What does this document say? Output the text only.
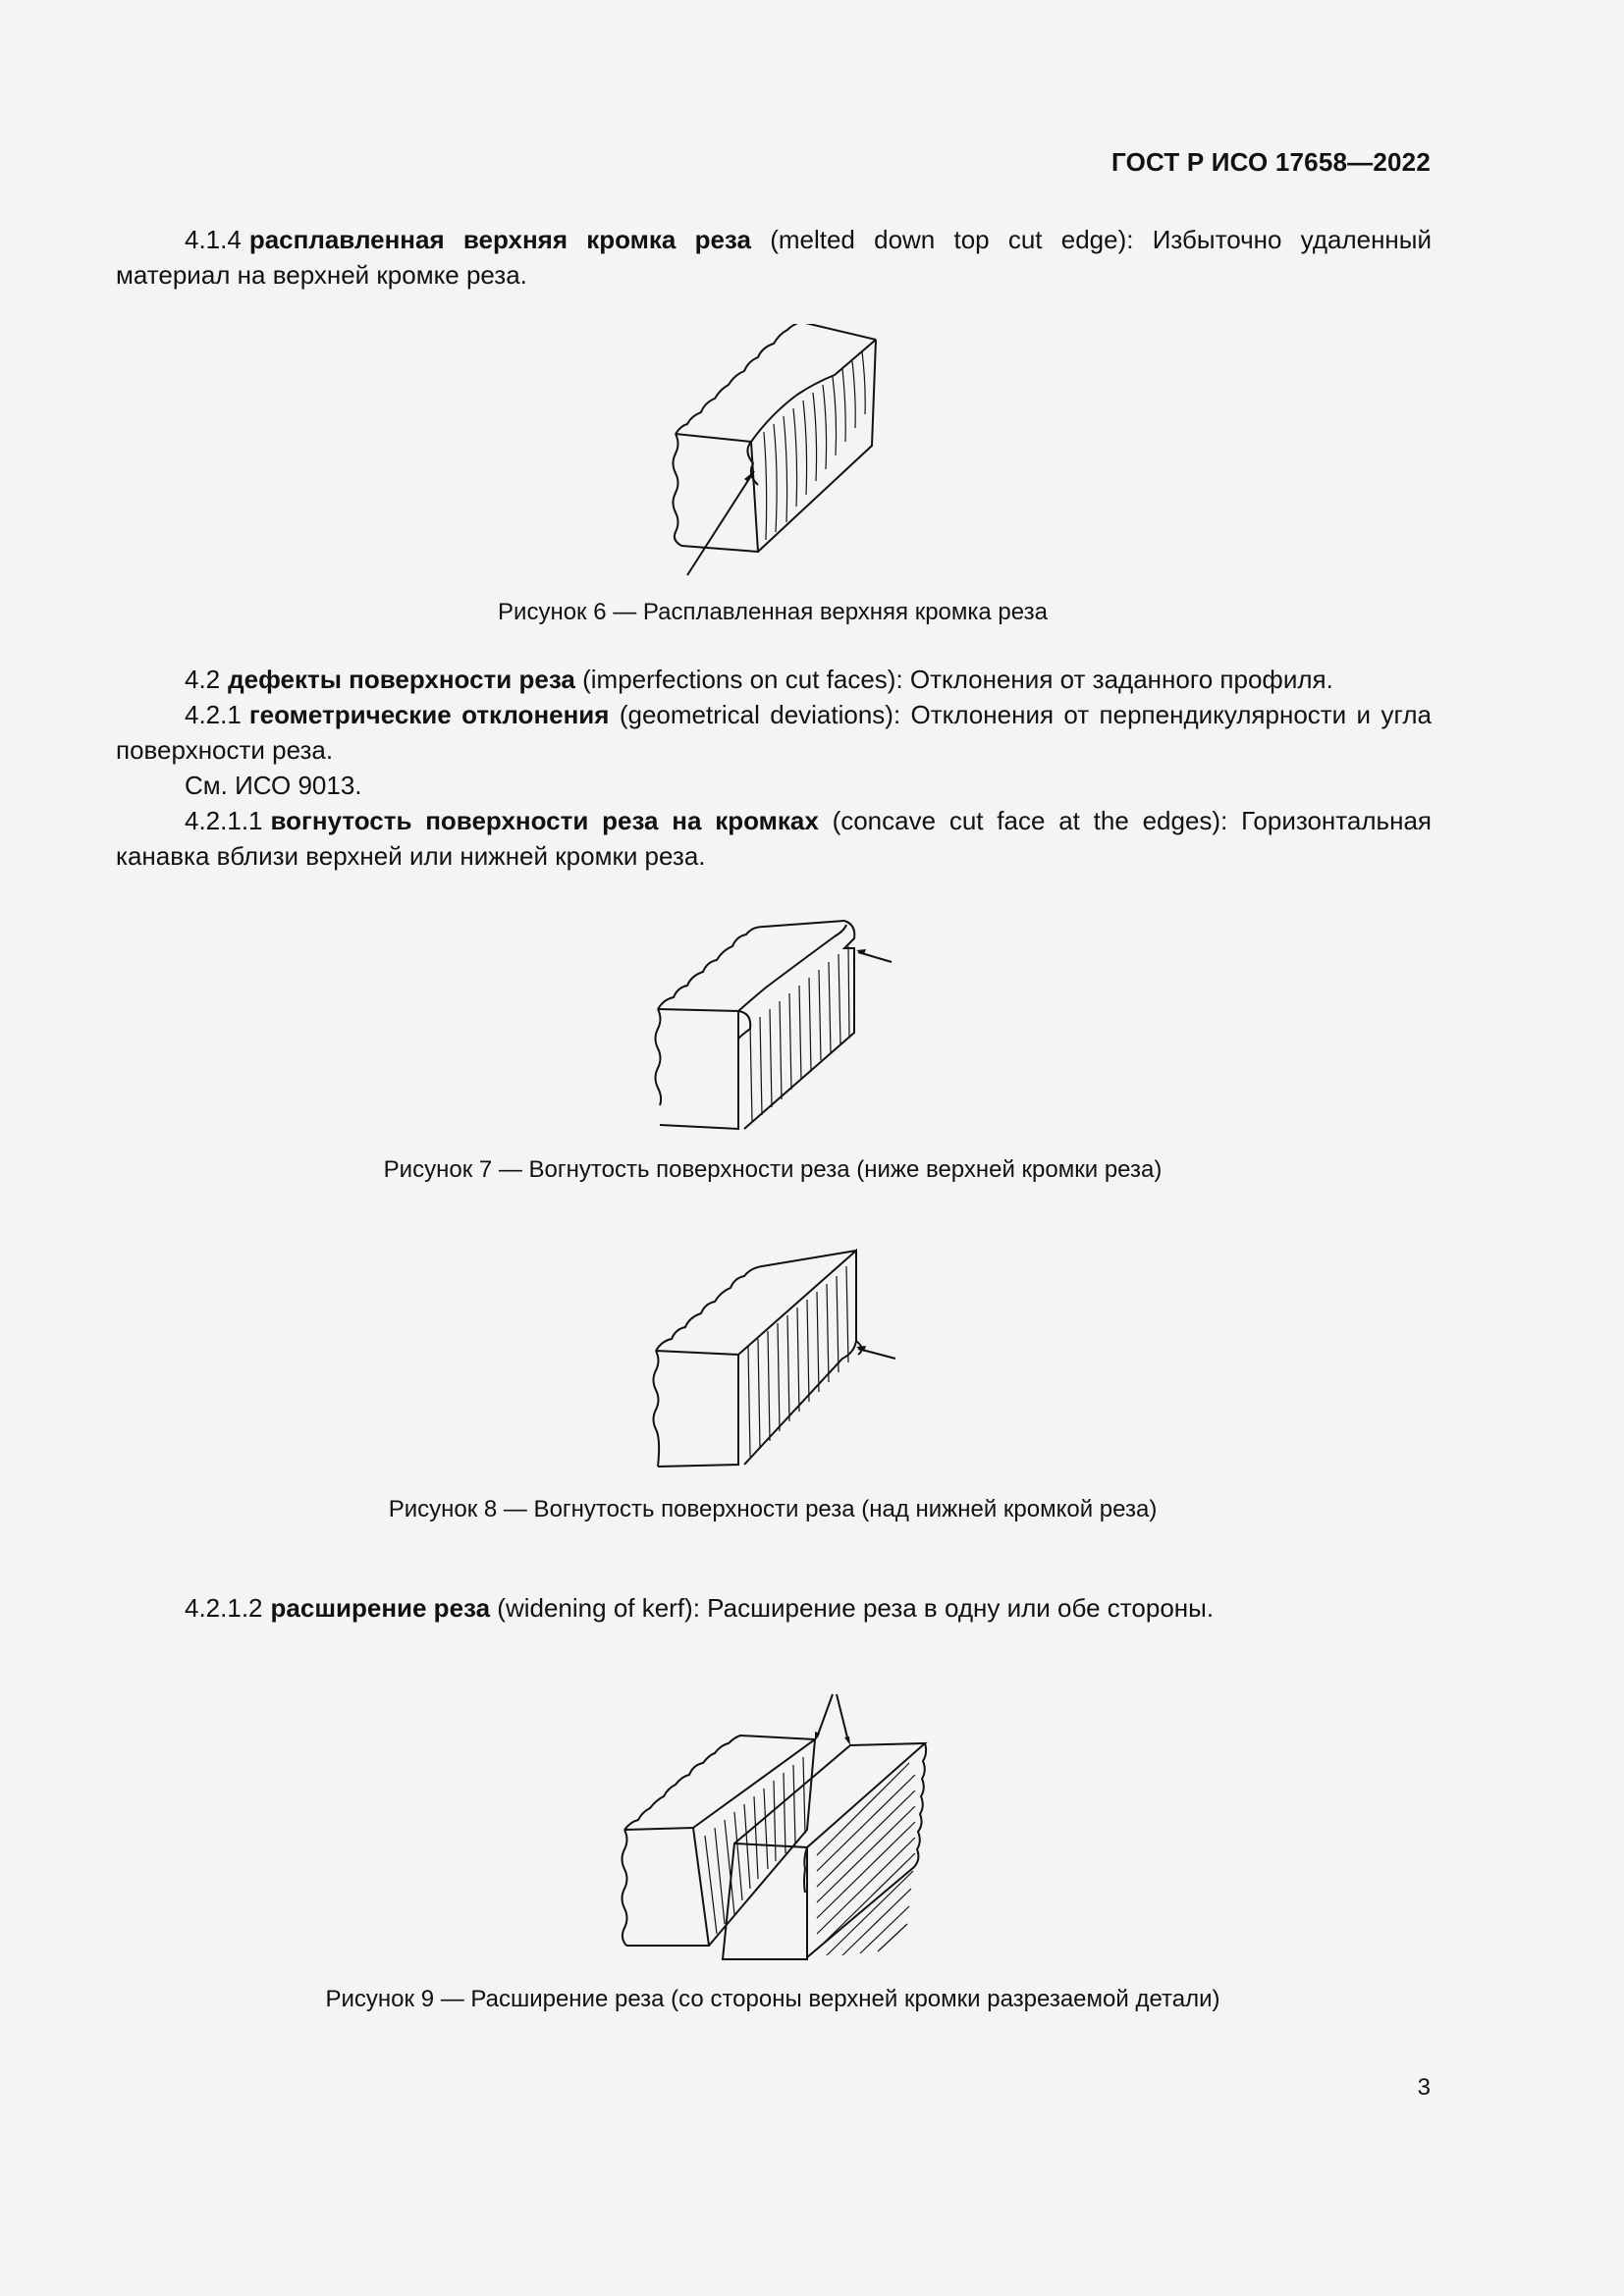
ГОСТ Р ИСО 17658—2022
4.1.4 расплавленная верхняя кромка реза (melted down top cut edge): Избыточно удаленный материал на верхней кромке реза.
Рисунок 6 — Расплавленная верхняя кромка реза
4.2 дефекты поверхности реза (imperfections on cut faces): Отклонения от заданного профиля.
4.2.1 геометрические отклонения (geometrical deviations): Отклонения от перпендикулярности и угла поверхности реза.
См. ИСО 9013.
4.2.1.1 вогнутость поверхности реза на кромках (concave cut face at the edges): Горизонтальная канавка вблизи верхней или нижней кромки реза.
Рисунок 7 — Вогнутость поверхности реза (ниже верхней кромки реза)
Рисунок 8 — Вогнутость поверхности реза (над нижней кромкой реза)
4.2.1.2 расширение реза (widening of kerf): Расширение реза в одну или обе стороны.
Рисунок 9 — Расширение реза (со стороны верхней кромки разрезаемой детали)
3
